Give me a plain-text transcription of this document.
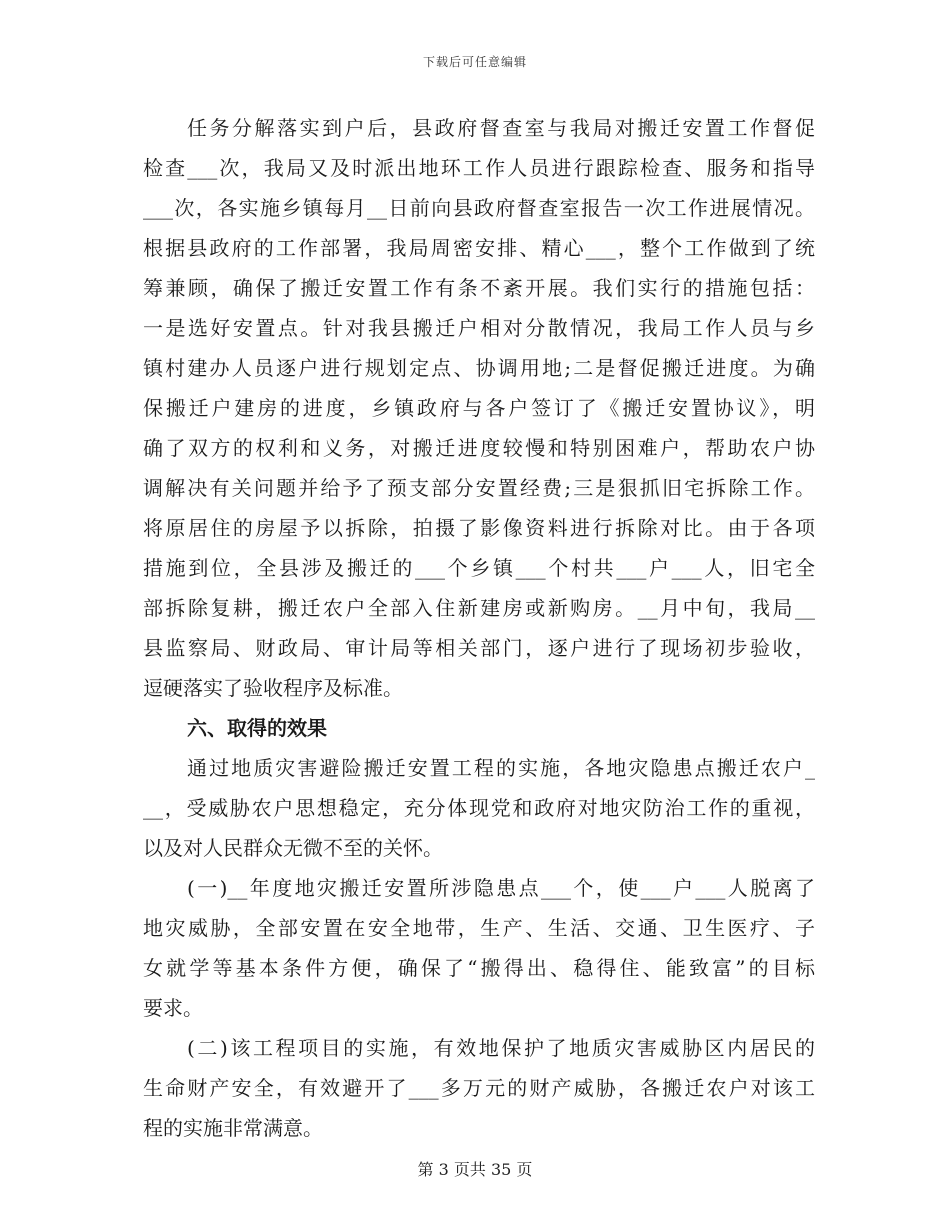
下载后可任意编辑
任务分解落实到户后，县政府督查室与我局对搬迁安置工作督促
检查___次，我局又及时派出地环工作人员进行跟踪检查、服务和指导
___次，各实施乡镇每月__日前向县政府督查室报告一次工作进展情况。
根据县政府的工作部署，我局周密安排、精心___，整个工作做到了统
筹兼顾，确保了搬迁安置工作有条不紊开展。我们实行的措施包括：
一是选好安置点。针对我县搬迁户相对分散情况，我局工作人员与乡
镇村建办人员逐户进行规划定点、协调用地;二是督促搬迁进度。为确
保搬迁户建房的进度，乡镇政府与各户签订了《搬迁安置协议》，明
确了双方的权利和义务，对搬迁进度较慢和特别困难户，帮助农户协
调解决有关问题并给予了预支部分安置经费;三是狠抓旧宅拆除工作。
将原居住的房屋予以拆除，拍摄了影像资料进行拆除对比。由于各项
措施到位，全县涉及搬迁的___个乡镇___个村共___户___人，旧宅全
部拆除复耕，搬迁农户全部入住新建房或新购房。__月中旬，我局__
县监察局、财政局、审计局等相关部门，逐户进行了现场初步验收，
逗硬落实了验收程序及标准。
六、取得的效果
通过地质灾害避险搬迁安置工程的实施，各地灾隐患点搬迁农户_
__，受威胁农户思想稳定，充分体现党和政府对地灾防治工作的重视，
以及对人民群众无微不至的关怀。
(一)__年度地灾搬迁安置所涉隐患点___个，使___户___人脱离了
地灾威胁，全部安置在安全地带，生产、生活、交通、卫生医疗、子
女就学等基本条件方便，确保了“搬得出、稳得住、能致富”的目标
要求。
(二)该工程项目的实施，有效地保护了地质灾害威胁区内居民的
生命财产安全，有效避开了___多万元的财产威胁，各搬迁农户对该工
程的实施非常满意。
第 3 页共 35 页
